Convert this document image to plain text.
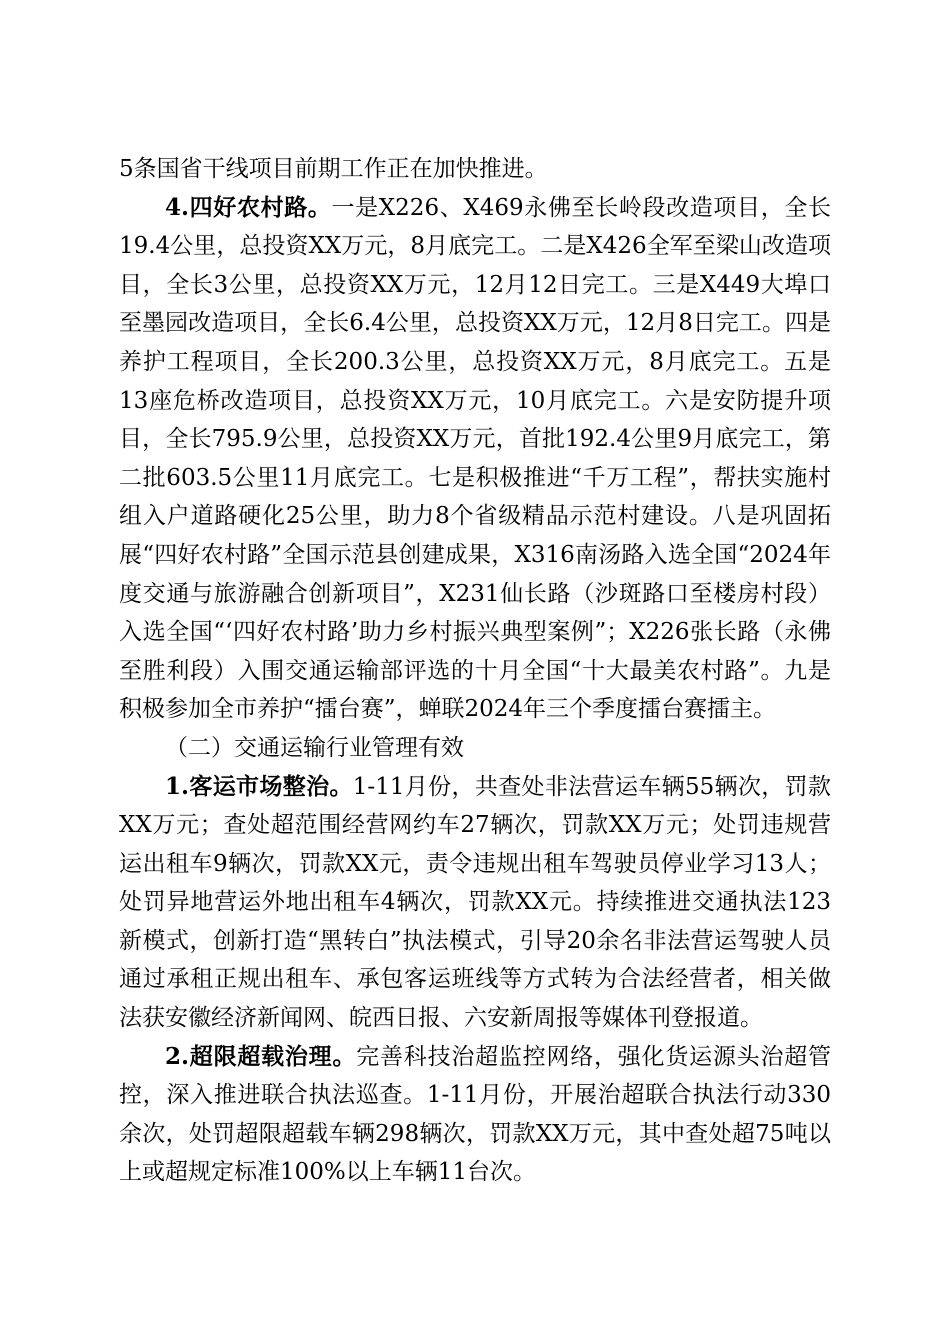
5条国省干线项目前期工作正在加快推进。

4.四好农村路。一是X226、X469永佛至长岭段改造项目，全长19.4公里，总投资XX万元，8月底完工。二是X426全军至梁山改造项目，全长3公里，总投资XX万元，12月12日完工。三是X449大埠口至墨园改造项目，全长6.4公里，总投资XX万元，12月8日完工。四是养护工程项目，全长200.3公里，总投资XX万元，8月底完工。五是13座危桥改造项目，总投资XX万元，10月底完工。六是安防提升项目，全长795.9公里，总投资XX万元，首批192.4公里9月底完工，第二批603.5公里11月底完工。七是积极推进“千万工程”，帮扶实施村组入户道路硬化25公里，助力8个省级精品示范村建设。八是巩固拓展“四好农村路”全国示范县创建成果，X316南汤路入选全国“2024年度交通与旅游融合创新项目”，X231仙长路（沙斑路口至楼房村段）入选全国“‘四好农村路’助力乡村振兴典型案例”；X226张长路（永佛至胜利段）入围交通运输部评选的十月全国“十大最美农村路”。九是积极参加全市养护“擂台赛”，蝉联2024年三个季度擂台赛擂主。

（二）交通运输行业管理有效

1.客运市场整治。1-11月份，共查处非法营运车辆55辆次，罚款XX万元；查处超范围经营网约车27辆次，罚款XX万元；处罚违规营运出租车9辆次，罚款XX元，责令违规出租车驾驶员停业学习13人；处罚异地营运外地出租车4辆次，罚款XX元。持续推进交通执法123新模式，创新打造“黑转白”执法模式，引导20余名非法营运驾驶人员通过承租正规出租车、承包客运班线等方式转为合法经营者，相关做法获安徽经济新闻网、皖西日报、六安新周报等媒体刊登报道。

2.超限超载治理。完善科技治超监控网络，强化货运源头治超管控，深入推进联合执法巡查。1-11月份，开展治超联合执法行动330余次，处罚超限超载车辆298辆次，罚款XX万元，其中查处超75吨以上或超规定标准100%以上车辆11台次。
